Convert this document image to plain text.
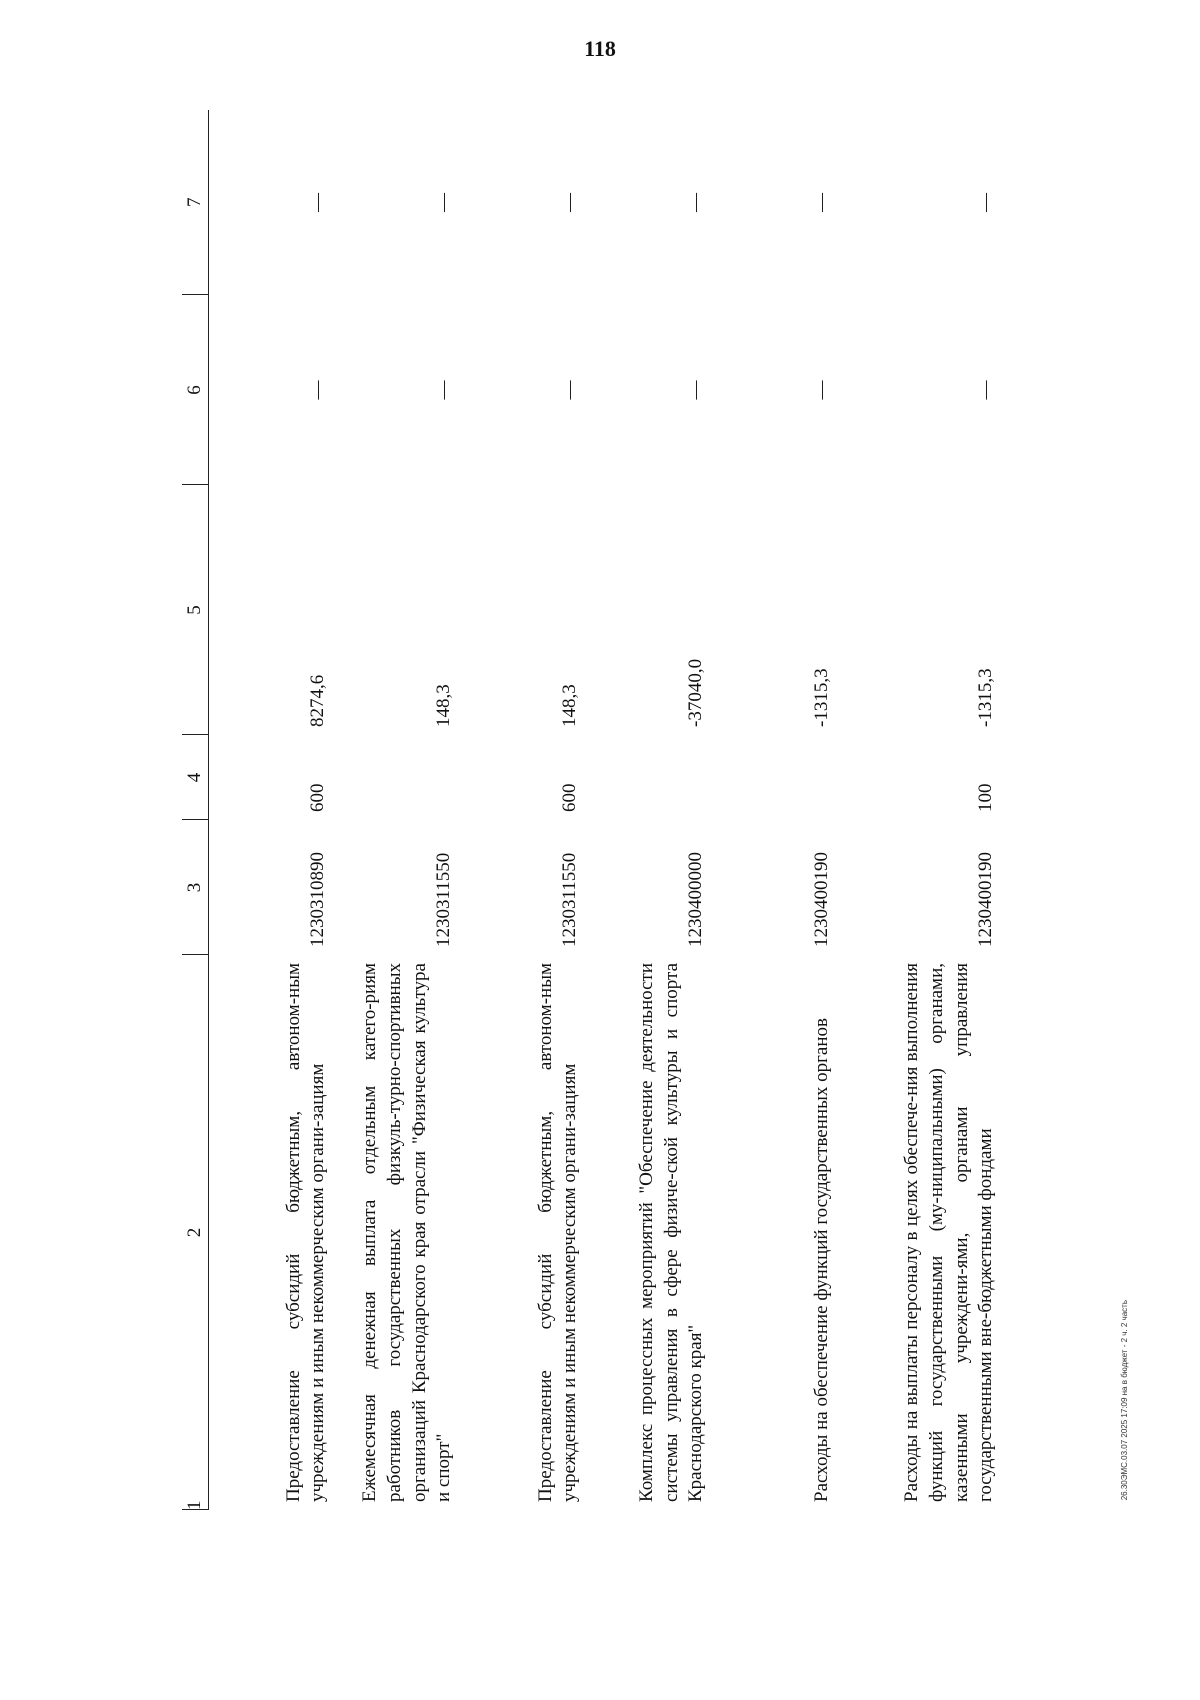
118
1	2	3	4	5	6	7
	Предоставление субсидий бюджетным, автоном-ным учреждениям и иным некоммерческим органи-зациям	1230310890	600	8274,6	—	—
	Ежемесячная денежная выплата отдельным катего-риям работников государственных физкуль-турно-спортивных организаций Краснодарского края отрасли "Физическая культура и спорт"	1230311550		148,3	—	—
	Предоставление субсидий бюджетным, автоном-ным учреждениям и иным некоммерческим органи-зациям	1230311550	600	148,3	—	—
	Комплекс процессных мероприятий "Обеспечение деятельности системы управления в сфере физиче-ской культуры и спорта Краснодарского края"	1230400000		-37040,0	—	—
	Расходы на обеспечение функций государственных органов	1230400190		-1315,3	—	—
	Расходы на выплаты персоналу в целях обеспече-ния выполнения функций государственными (му-ниципальными) органами, казенными учреждени-ями, органами управления государственными вне-бюджетными фондами	1230400190	100	-1315,3	—	—
26.30ЭМС.03.07 2025 17:09 на в бюджет - 2 ч. 2 часть
